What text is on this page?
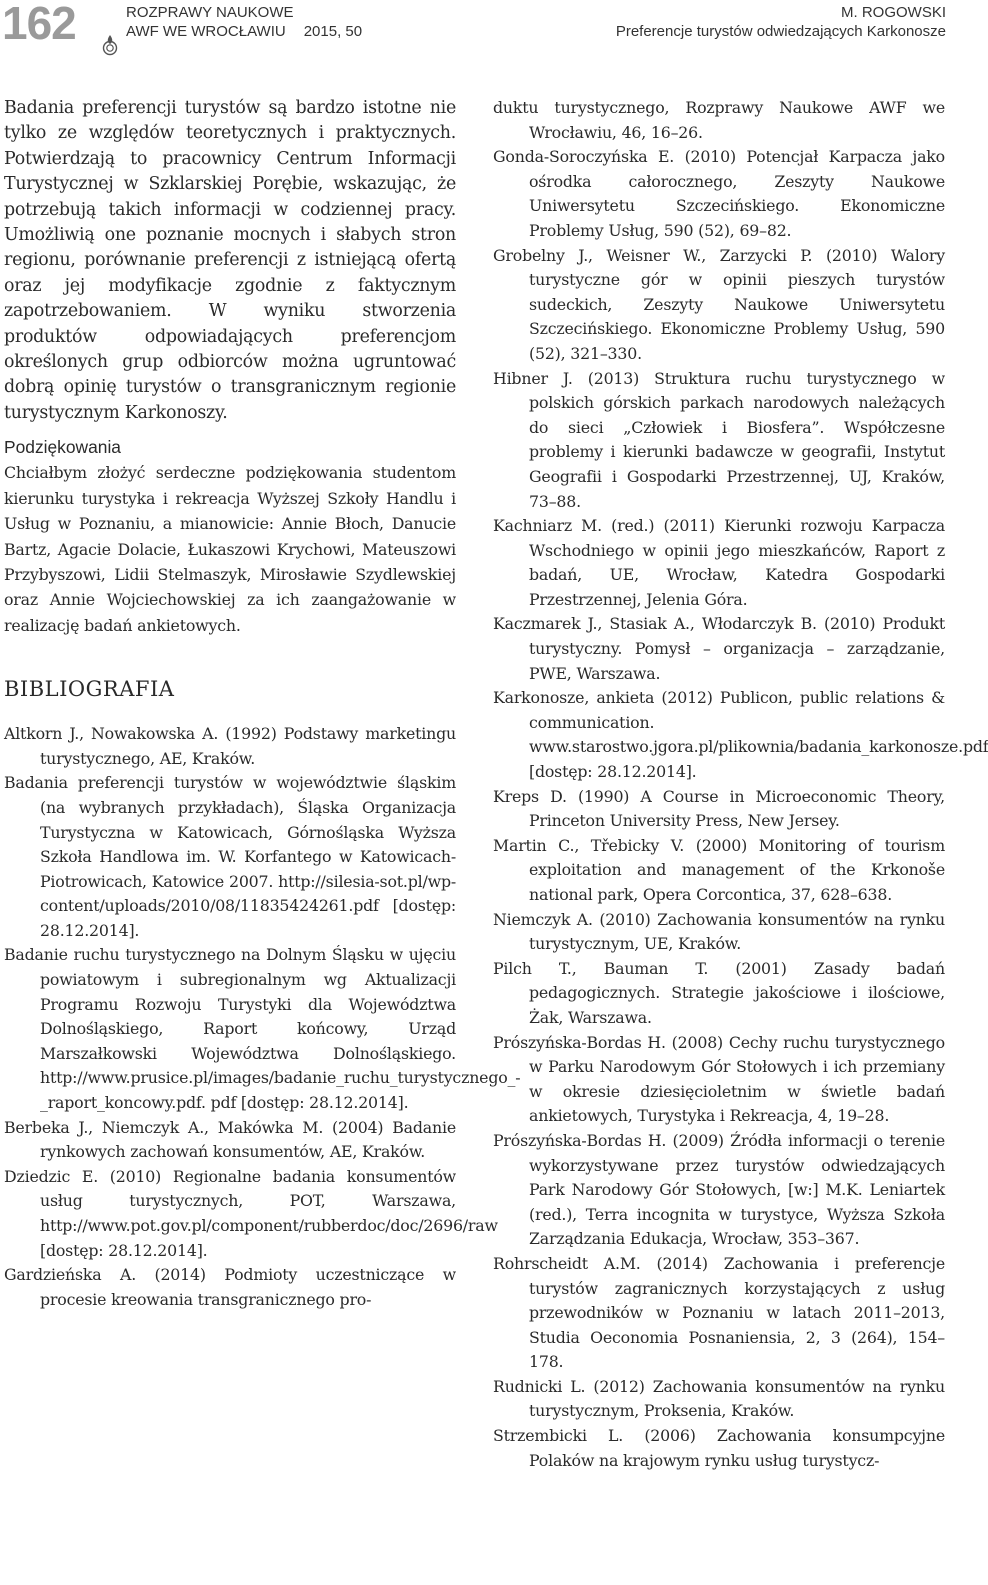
162	ROZPRAWY NAUKOWE
AWF WE WROCŁAWIU 2015, 50
M. ROGOWSKI
Preferencje turystów odwiedzających Karkonosze

Badania preferencji turystów są bardzo istotne nie tylko ze względów teoretycznych i praktycznych. Potwierdzają to pracownicy Centrum Informacji Turystycznej w Szklarskiej Porębie, wskazując, że potrzebują takich informacji w codziennej pracy. Umożliwią one poznanie mocnych i słabych stron regionu, porównanie preferencji z istniejącą ofertą oraz jej modyfikacje zgodnie z faktycznym zapotrzebowaniem. W wyniku stworzenia produktów odpowiadających preferencjom określonych grup odbiorców można ugruntować dobrą opinię turystów o transgranicznym regionie turystycznym Karkonoszy.

Podziękowania

Chciałbym złożyć serdeczne podziękowania studentom kierunku turystyka i rekreacja Wyższej Szkoły Handlu i Usług w Poznaniu, a mianowicie: Annie Błoch, Danucie Bartz, Agacie Dolacie, Łukaszowi Krychowi, Mateuszowi Przybyszowi, Lidii Stelmaszyk, Mirosławie Szydlewskiej oraz Annie Wojciechowskiej za ich zaangażowanie w realizację badań ankietowych.

BIBLIOGRAFIA
Altkorn J., Nowakowska A. (1992) Podstawy marketingu turystycznego, AE, Kraków.
Badania preferencji turystów w województwie śląskim (na wybranych przykładach), Śląska Organizacja Turystyczna w Katowicach, Górnośląska Wyższa Szkoła Handlowa im. W. Korfantego w Katowicach-Piotrowicach, Katowice 2007. http://silesia-sot.pl/wp-content/uploads/2010/08/11835424261.pdf [dostęp: 28.12.2014].
Badanie ruchu turystycznego na Dolnym Śląsku w ujęciu powiatowym i subregionalnym wg Aktualizacji Programu Rozwoju Turystyki dla Województwa Dolnośląskiego, Raport końcowy, Urząd Marszałkowski Województwa Dolnośląskiego. http://www.prusice.pl/images/badanie_ruchu_turystycznego_-_raport_koncowy.pdf. pdf [dostęp: 28.12.2014].
Berbeka J., Niemczyk A., Makówka M. (2004) Badanie rynkowych zachowań konsumentów, AE, Kraków.
Dziedzic E. (2010) Regionalne badania konsumentów usług turystycznych, POT, Warszawa, http://www.pot.gov.pl/component/rubberdoc/doc/2696/raw [dostęp: 28.12.2014].
Gardzieńska A. (2014) Podmioty uczestniczące w procesie kreowania transgranicznego pro-
duktu turystycznego, Rozprawy Naukowe AWF we Wrocławiu, 46, 16–26.
Gonda-Soroczyńska E. (2010) Potencjał Karpacza jako ośrodka całorocznego, Zeszyty Naukowe Uniwersytetu Szczecińskiego. Ekonomiczne Problemy Usług, 590 (52), 69–82.
Grobelny J., Weisner W., Zarzycki P. (2010) Walory turystyczne gór w opinii pieszych turystów sudeckich, Zeszyty Naukowe Uniwersytetu Szczecińskiego. Ekonomiczne Problemy Usług, 590 (52), 321–330.
Hibner J. (2013) Struktura ruchu turystycznego w polskich górskich parkach narodowych należących do sieci „Człowiek i Biosfera”. Współczesne problemy i kierunki badawcze w geografii, Instytut Geografii i Gospodarki Przestrzennej, UJ, Kraków, 73–88.
Kachniarz M. (red.) (2011) Kierunki rozwoju Karpacza Wschodniego w opinii jego mieszkańców, Raport z badań, UE, Wrocław, Katedra Gospodarki Przestrzennej, Jelenia Góra.
Kaczmarek J., Stasiak A., Włodarczyk B. (2010) Produkt turystyczny. Pomysł – organizacja – zarządzanie, PWE, Warszawa.
Karkonosze, ankieta (2012) Publicon, public relations & communication. www.starostwo.jgora.pl/plikownia/badania_karkonosze.pdf [dostęp: 28.12.2014].
Kreps D. (1990) A Course in Microeconomic Theory, Princeton University Press, New Jersey.
Martin C., Třebicky V. (2000) Monitoring of tourism exploitation and management of the Krkonoše national park, Opera Corcontica, 37, 628–638.
Niemczyk A. (2010) Zachowania konsumentów na rynku turystycznym, UE, Kraków.
Pilch T., Bauman T. (2001) Zasady badań pedagogicznych. Strategie jakościowe i ilościowe, Żak, Warszawa.
Prószyńska-Bordas H. (2008) Cechy ruchu turystycznego w Parku Narodowym Gór Stołowych i ich przemiany w okresie dziesięcioletnim w świetle badań ankietowych, Turystyka i Rekreacja, 4, 19–28.
Prószyńska-Bordas H. (2009) Źródła informacji o terenie wykorzystywane przez turystów odwiedzających Park Narodowy Gór Stołowych, [w:] M.K. Leniartek (red.), Terra incognita w turystyce, Wyższa Szkoła Zarządzania Edukacja, Wrocław, 353–367.
Rohrscheidt A.M. (2014) Zachowania i preferencje turystów zagranicznych korzystających z usług przewodników w Poznaniu w latach 2011–2013, Studia Oeconomia Posnaniensia, 2, 3 (264), 154–178.
Rudnicki L. (2012) Zachowania konsumentów na rynku turystycznym, Proksenia, Kraków.
Strzembicki L. (2006) Zachowania konsumpcyjne Polaków na krajowym rynku usług turystycz-
